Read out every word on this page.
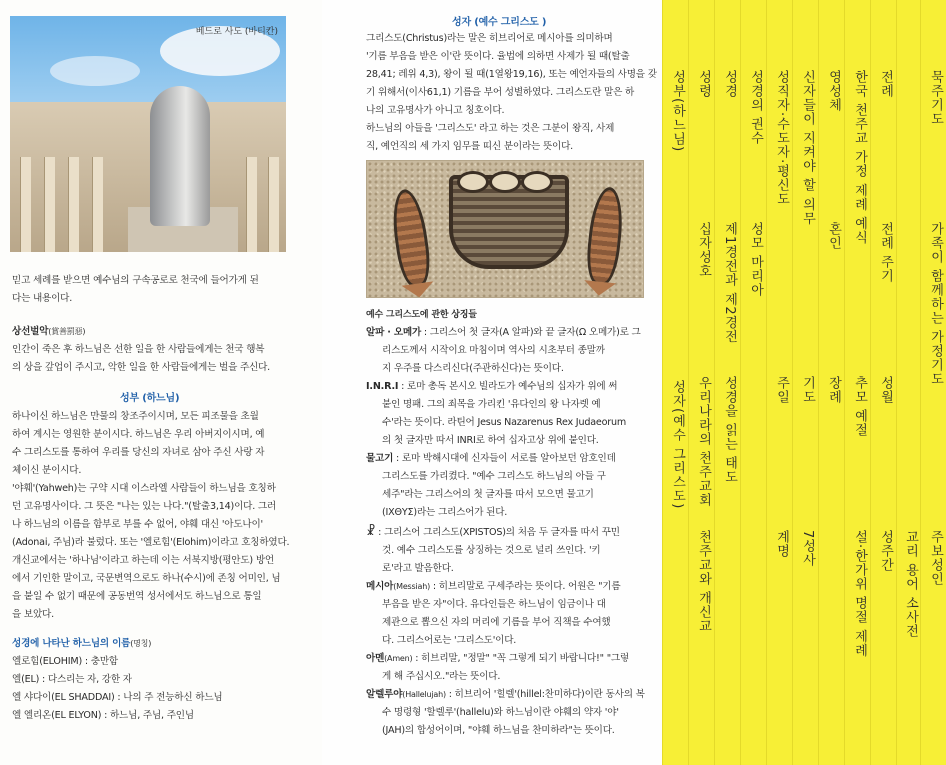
베드로 사도 (바티칸)
믿고 세례를 받으면 예수님의 구속공로로 천국에 들어가게 된
다는 내용이다.
상선벌악(賞善罰惡)
인간이 죽은 후 하느님은 선한 일을 한 사람들에게는 천국 행복
의 상을 갚업이 주시고, 악한 일을 한 사람들에게는 벌을 주신다.
성부 (하느님)
하나이신 하느님은 만물의 창조주이시며, 모든 피조물을 초월
하여 계시는 영원한 분이시다. 하느님은 우리 아버지이시며, 예
수 그리스도를 통하여 우리를 당신의 자녀로 삼아 주신 사랑 자
체이신 분이시다.
'야훼'(Yahweh)는 구약 시대 이스라엘 사람들이 하느님을 호칭하
던 고유명사이다. 그 뜻은 "나는 있는 나다."(탈출3,14)이다. 그러
나 하느님의 이름을 함부로 부를 수 없어, 야훼 대신 '아도나이'
(Adonai, 주님)라 불렀다. 또는 '엘로힘'(Elohim)이라고 호칭하였다.
개신교에서는 '하나님'이라고 하는데 이는 서북지방(평안도) 방언
에서 기인한 말이고, 국문변역으로도 하나(수시)에 존칭 어미인, 님
을 붙일 수 없기 때문에 공동번역 성서에서도 하느님으로 통일
을 보았다.
성경에 나타난 하느님의 이름(명칭)
엘로힘(ELOHIM) : 충만함
엘(EL) : 다스리는 자, 강한 자
엘 샤다이(EL SHADDAI) : 나의 주 전능하신 하느님
엘 엘리온(EL ELYON) : 하느님, 주님, 주인님
성자 (예수 그리스도 )
그리스도(Christus)라는 말은 히브리어로 메시아를 의미하며
'기름 부음을 받은 이'란 뜻이다. 율법에 의하면 사제가 될 때(탈출
28,41; 레위 4,3), 왕이 될 때(1열왕19,16), 또는 예언자들의 사명을 갖
기 위해서(이사61,1) 기름을 부어 성별하였다. 그리스도란 말은 하
나의 고유명사가 아니고 칭호이다.
하느님의 아들을 '그리스도' 라고 하는 것은 그분이 왕직, 사제
직, 예언직의 세 가지 임무를 띠신 분이라는 뜻이다.
예수 그리스도에 관한 상징들
알파 · 오메가 : 그리스어 첫 글자(Α 알파)와 끝 글자(Ω 오메가)로 그
리스도께서 시작이요 마침이며 역사의 시초부터 종말까
지 우주를 다스리신다(주관하신다)는 뜻이다.
I.N.R.I : 로마 총독 본시오 빌라도가 예수님의 십자가 위에 써
붙인 명패. 그의 죄목을 가리킨 '유다인의 왕 나자렛 예
수'라는 뜻이다. 라틴어 Jesus Nazarenus Rex Judaeorum
의 첫 글자만 따서 INRI로 하여 십자고상 위에 붙인다.
물고기 : 로마 박해시대에 신자들이 서로를 알아보던 암호인데
그리스도를 가리켰다. "예수 그리스도 하느님의 아들 구
세주"라는 그리스어의 첫 글자를 따서 모으면 물고기
(ΙΧΘΥΣ)라는 그리스어가 된다.
☧ : 그리스어 그리스도(XPISTOS)의 처음 두 글자를 따서 꾸민
것. 예수 그리스도를 상징하는 것으로 널리 쓰인다. '키
로'라고 발음한다.
메시아(Messiah) : 히브리말로 구세주라는 뜻이다. 어원은 "기름
부음을 받은 자"이다. 유다인들은 하느님이 임금이나 대
제관으로 뽑으신 자의 머리에 기름을 부어 직책을 수여했
다. 그리스어로는 '그리스도'이다.
아멘(Amen) : 히브리말, "정말" "꼭 그렇게 되기 바랍니다!" "그렇
게 해 주십시오."라는 뜻이다.
알렐루야(Hallelujah) : 히브리어 '힐렐'(hillel:찬미하다)이란 동사의 복
수 명령형 '할렐루'(hallelu)와 하느님이란 야훼의 약자 '야'
(JAH)의 합성어이며, "야훼 하느님을 찬미하라"는 뜻이다.
성부(하느님)
성자(예수 그리스도)
성령
십자성호
우리나라의 천주교회
천주교와 개신교
성경
제1경전과 제2경전
성경을 읽는 태도
성경의 권수
성모 마리아
성직자·수도자·평신도
주일
계명
신자들이 지켜야 할 의무
기도
7성사
영성체
혼인
장례
한국 천주교 가정 제례 예식
추모 예절
설·한가위 명절 제례
전례
전례 주기
성월
성주간 교리 용어 소사전
묵주기도
가족이 함께하는 가정기도
주보성인
